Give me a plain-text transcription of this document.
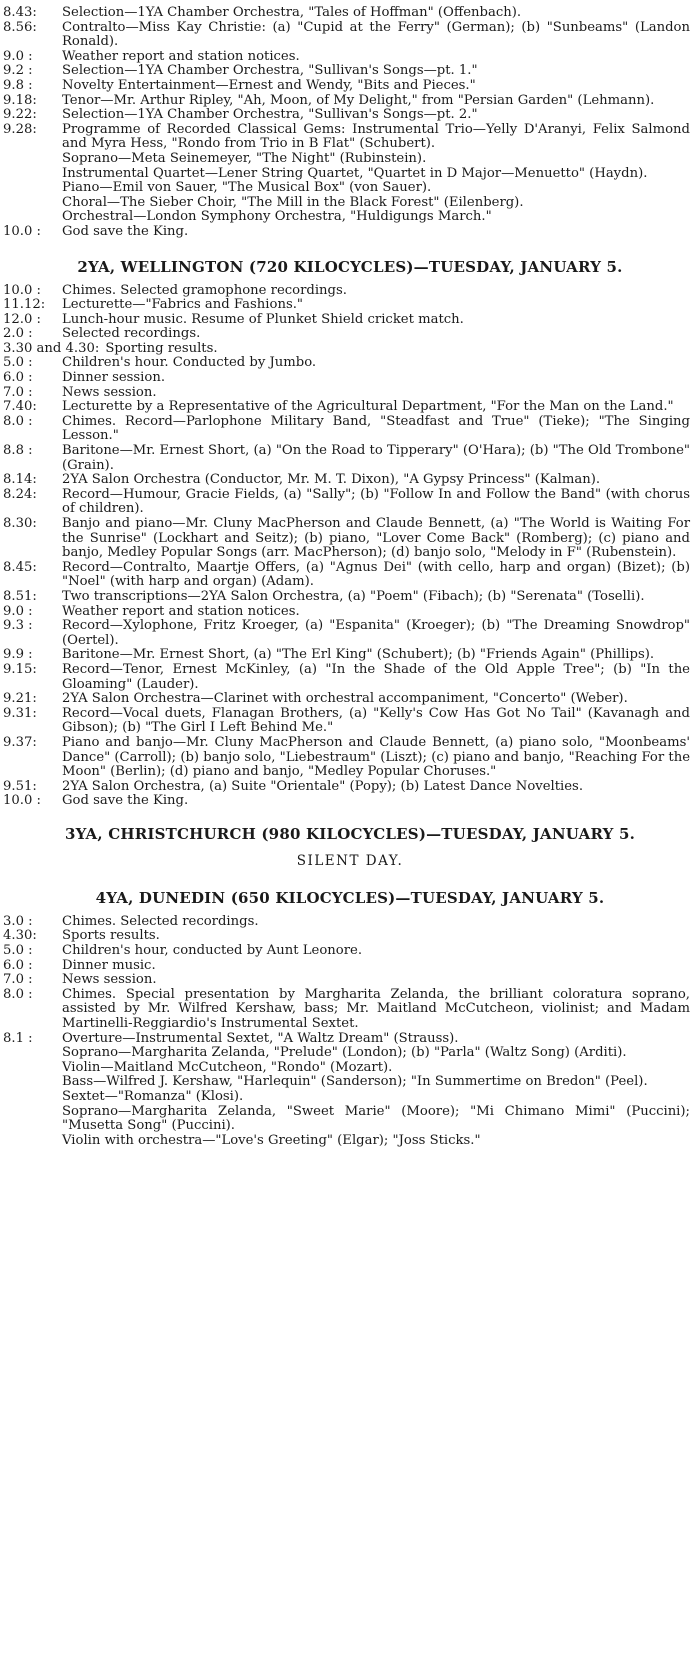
8.43: Selection—1YA Chamber Orchestra, "Tales of Hoffman" (Offenbach).
8.56: Contralto—Miss Kay Christie: (a) "Cupid at the Ferry" (German); (b) "Sunbeams" (Landon Ronald).
9.0 : Weather report and station notices.
9.2 : Selection—1YA Chamber Orchestra, "Sullivan's Songs—pt. 1."
9.8 : Novelty Entertainment—Ernest and Wendy, "Bits and Pieces."
9.18: Tenor—Mr. Arthur Ripley, "Ah, Moon, of My Delight," from "Persian Garden" (Lehmann).
9.22: Selection—1YA Chamber Orchestra, "Sullivan's Songs—pt. 2."
9.28: Programme of Recorded Classical Gems: Instrumental Trio—Yelly D'Aranyi, Felix Salmond and Myra Hess, "Rondo from Trio in B Flat" (Schubert).
Soprano—Meta Seinemeyer, "The Night" (Rubinstein).
Instrumental Quartet—Lener String Quartet, "Quartet in D Major—Menuetto" (Haydn).
Piano—Emil von Sauer, "The Musical Box" (von Sauer).
Choral—The Sieber Choir, "The Mill in the Black Forest" (Eilenberg).
Orchestral—London Symphony Orchestra, "Huldigungs March."
10.0 : God save the King.
2YA, WELLINGTON (720 KILOCYCLES)—TUESDAY, JANUARY 5.
10.0 : Chimes. Selected gramophone recordings.
11.12: Lecturette—"Fabrics and Fashions."
12.0 : Lunch-hour music. Resume of Plunket Shield cricket match.
2.0 : Selected recordings.
3.30 and 4.30: Sporting results.
5.0 : Children's hour. Conducted by Jumbo.
6.0 : Dinner session.
7.0 : News session.
7.40: Lecturette by a Representative of the Agricultural Department, "For the Man on the Land."
8.0 : Chimes. Record—Parlophone Military Band, "Steadfast and True" (Tieke); "The Singing Lesson."
8.8 : Baritone—Mr. Ernest Short, (a) "On the Road to Tipperary" (O'Hara); (b) "The Old Trombone" (Grain).
8.14: 2YA Salon Orchestra (Conductor, Mr. M. T. Dixon), "A Gypsy Princess" (Kalman).
8.24: Record—Humour, Gracie Fields, (a) "Sally"; (b) "Follow In and Follow the Band" (with chorus of children).
8.30: Banjo and piano—Mr. Cluny MacPherson and Claude Bennett, (a) "The World is Waiting For the Sunrise" (Lockhart and Seitz); (b) piano, "Lover Come Back" (Romberg); (c) piano and banjo, Medley Popular Songs (arr. MacPherson); (d) banjo solo, "Melody in F" (Rubenstein).
8.45: Record—Contralto, Maartje Offers, (a) "Agnus Dei" (with cello, harp and organ) (Bizet); (b) "Noel" (with harp and organ) (Adam).
8.51: Two transcriptions—2YA Salon Orchestra, (a) "Poem" (Fibach); (b) "Serenata" (Toselli).
9.0 : Weather report and station notices.
9.3 : Record—Xylophone, Fritz Kroeger, (a) "Espanita" (Kroeger); (b) "The Dreaming Snowdrop" (Oertel).
9.9 : Baritone—Mr. Ernest Short, (a) "The Erl King" (Schubert); (b) "Friends Again" (Phillips).
9.15: Record—Tenor, Ernest McKinley, (a) "In the Shade of the Old Apple Tree"; (b) "In the Gloaming" (Lauder).
9.21: 2YA Salon Orchestra—Clarinet with orchestral accompaniment, "Concerto" (Weber).
9.31: Record—Vocal duets, Flanagan Brothers, (a) "Kelly's Cow Has Got No Tail" (Kavanagh and Gibson); (b) "The Girl I Left Behind Me."
9.37: Piano and banjo—Mr. Cluny MacPherson and Claude Bennett, (a) piano solo, "Moonbeams' Dance" (Carroll); (b) banjo solo, "Liebestraum" (Liszt); (c) piano and banjo, "Reaching For the Moon" (Berlin); (d) piano and banjo, "Medley Popular Choruses."
9.51: 2YA Salon Orchestra, (a) Suite "Orientale" (Popy); (b) Latest Dance Novelties.
10.0 : God save the King.
3YA, CHRISTCHURCH (980 KILOCYCLES)—TUESDAY, JANUARY 5.

SILENT DAY.

4YA, DUNEDIN (650 KILOCYCLES)—TUESDAY, JANUARY 5.
3.0 : Chimes. Selected recordings.
4.30: Sports results.
5.0 : Children's hour, conducted by Aunt Leonore.
6.0 : Dinner music.
7.0 : News session.
8.0 : Chimes. Special presentation by Margharita Zelanda, the brilliant coloratura soprano, assisted by Mr. Wilfred Kershaw, bass; Mr. Maitland McCutcheon, violinist; and Madam Martinelli-Reggiardio's Instrumental Sextet.
8.1 : Overture—Instrumental Sextet, "A Waltz Dream" (Strauss).
Soprano—Margharita Zelanda, "Prelude" (London); (b) "Parla" (Waltz Song) (Arditi).
Violin—Maitland McCutcheon, "Rondo" (Mozart).
Bass—Wilfred J. Kershaw, "Harlequin" (Sanderson); "In Summertime on Bredon" (Peel).
Sextet—"Romanza" (Klosi).
Soprano—Margharita Zelanda, "Sweet Marie" (Moore); "Mi Chimano Mimi" (Puccini); "Musetta Song" (Puccini).
Violin with orchestra—"Love's Greeting" (Elgar); "Joss Sticks."
